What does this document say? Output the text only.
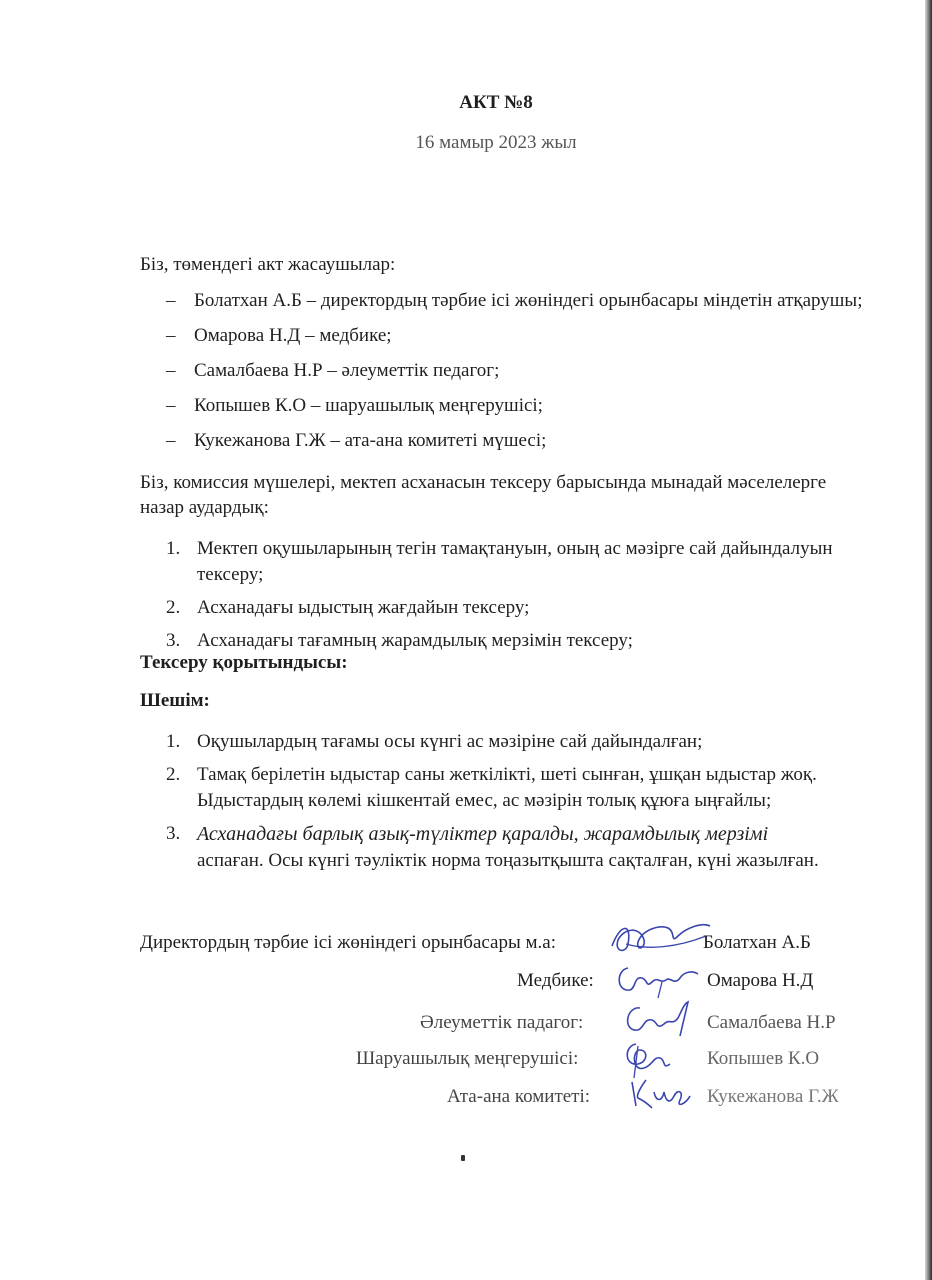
АКТ №8
16 мамыр 2023 жыл
Біз, төмендегі акт жасаушылар:
– Болатхан А.Б – директордың тәрбие ісі жөніндегі орынбасары міндетін атқарушы;
– Омарова Н.Д – медбике;
– Самалбаева Н.Р – әлеуметтік педагог;
– Копышев К.О – шаруашылық меңгерушісі;
– Кукежанова Г.Ж – ата-ана комитеті мүшесі;
Біз, комиссия мүшелері, мектеп асханасын тексеру барысында мынадай мәселелерге назар аудардық:
1. Мектеп оқушыларының тегін тамақтануын, оның ас мәзірге сай дайындалуын тексеру;
2. Асханадағы ыдыстың жағдайын тексеру;
3. Асханадағы тағамның жарамдылық мерзімін тексеру;
Тексеру қорытындысы:
Шешім:
1. Оқушылардың тағамы осы күнгі ас мәзіріне сай дайындалған;
2. Тамақ берілетін ыдыстар саны жеткілікті, шеті сынған, ұшқан ыдыстар жоқ. Ыдыстардың көлемі кішкентай емес, ас мәзірін толық құюға ыңғайлы;
3. Асханадағы барлық азық-түліктер қаралды, жарамдылық мерзімі
аспаған. Осы күнгі тәуліктік норма тоңазытқышта сақталған, күні жазылған.
Директордың тәрбие ісі жөніндегі орынбасары м.а:	Болатхан А.Б
Медбике:	Омарова Н.Д
Әлеуметтік падагог:	Самалбаева Н.Р
Шаруашылық меңгерушісі:	Копышев К.О
Ата-ана комитеті:	Кукежанова Г.Ж
